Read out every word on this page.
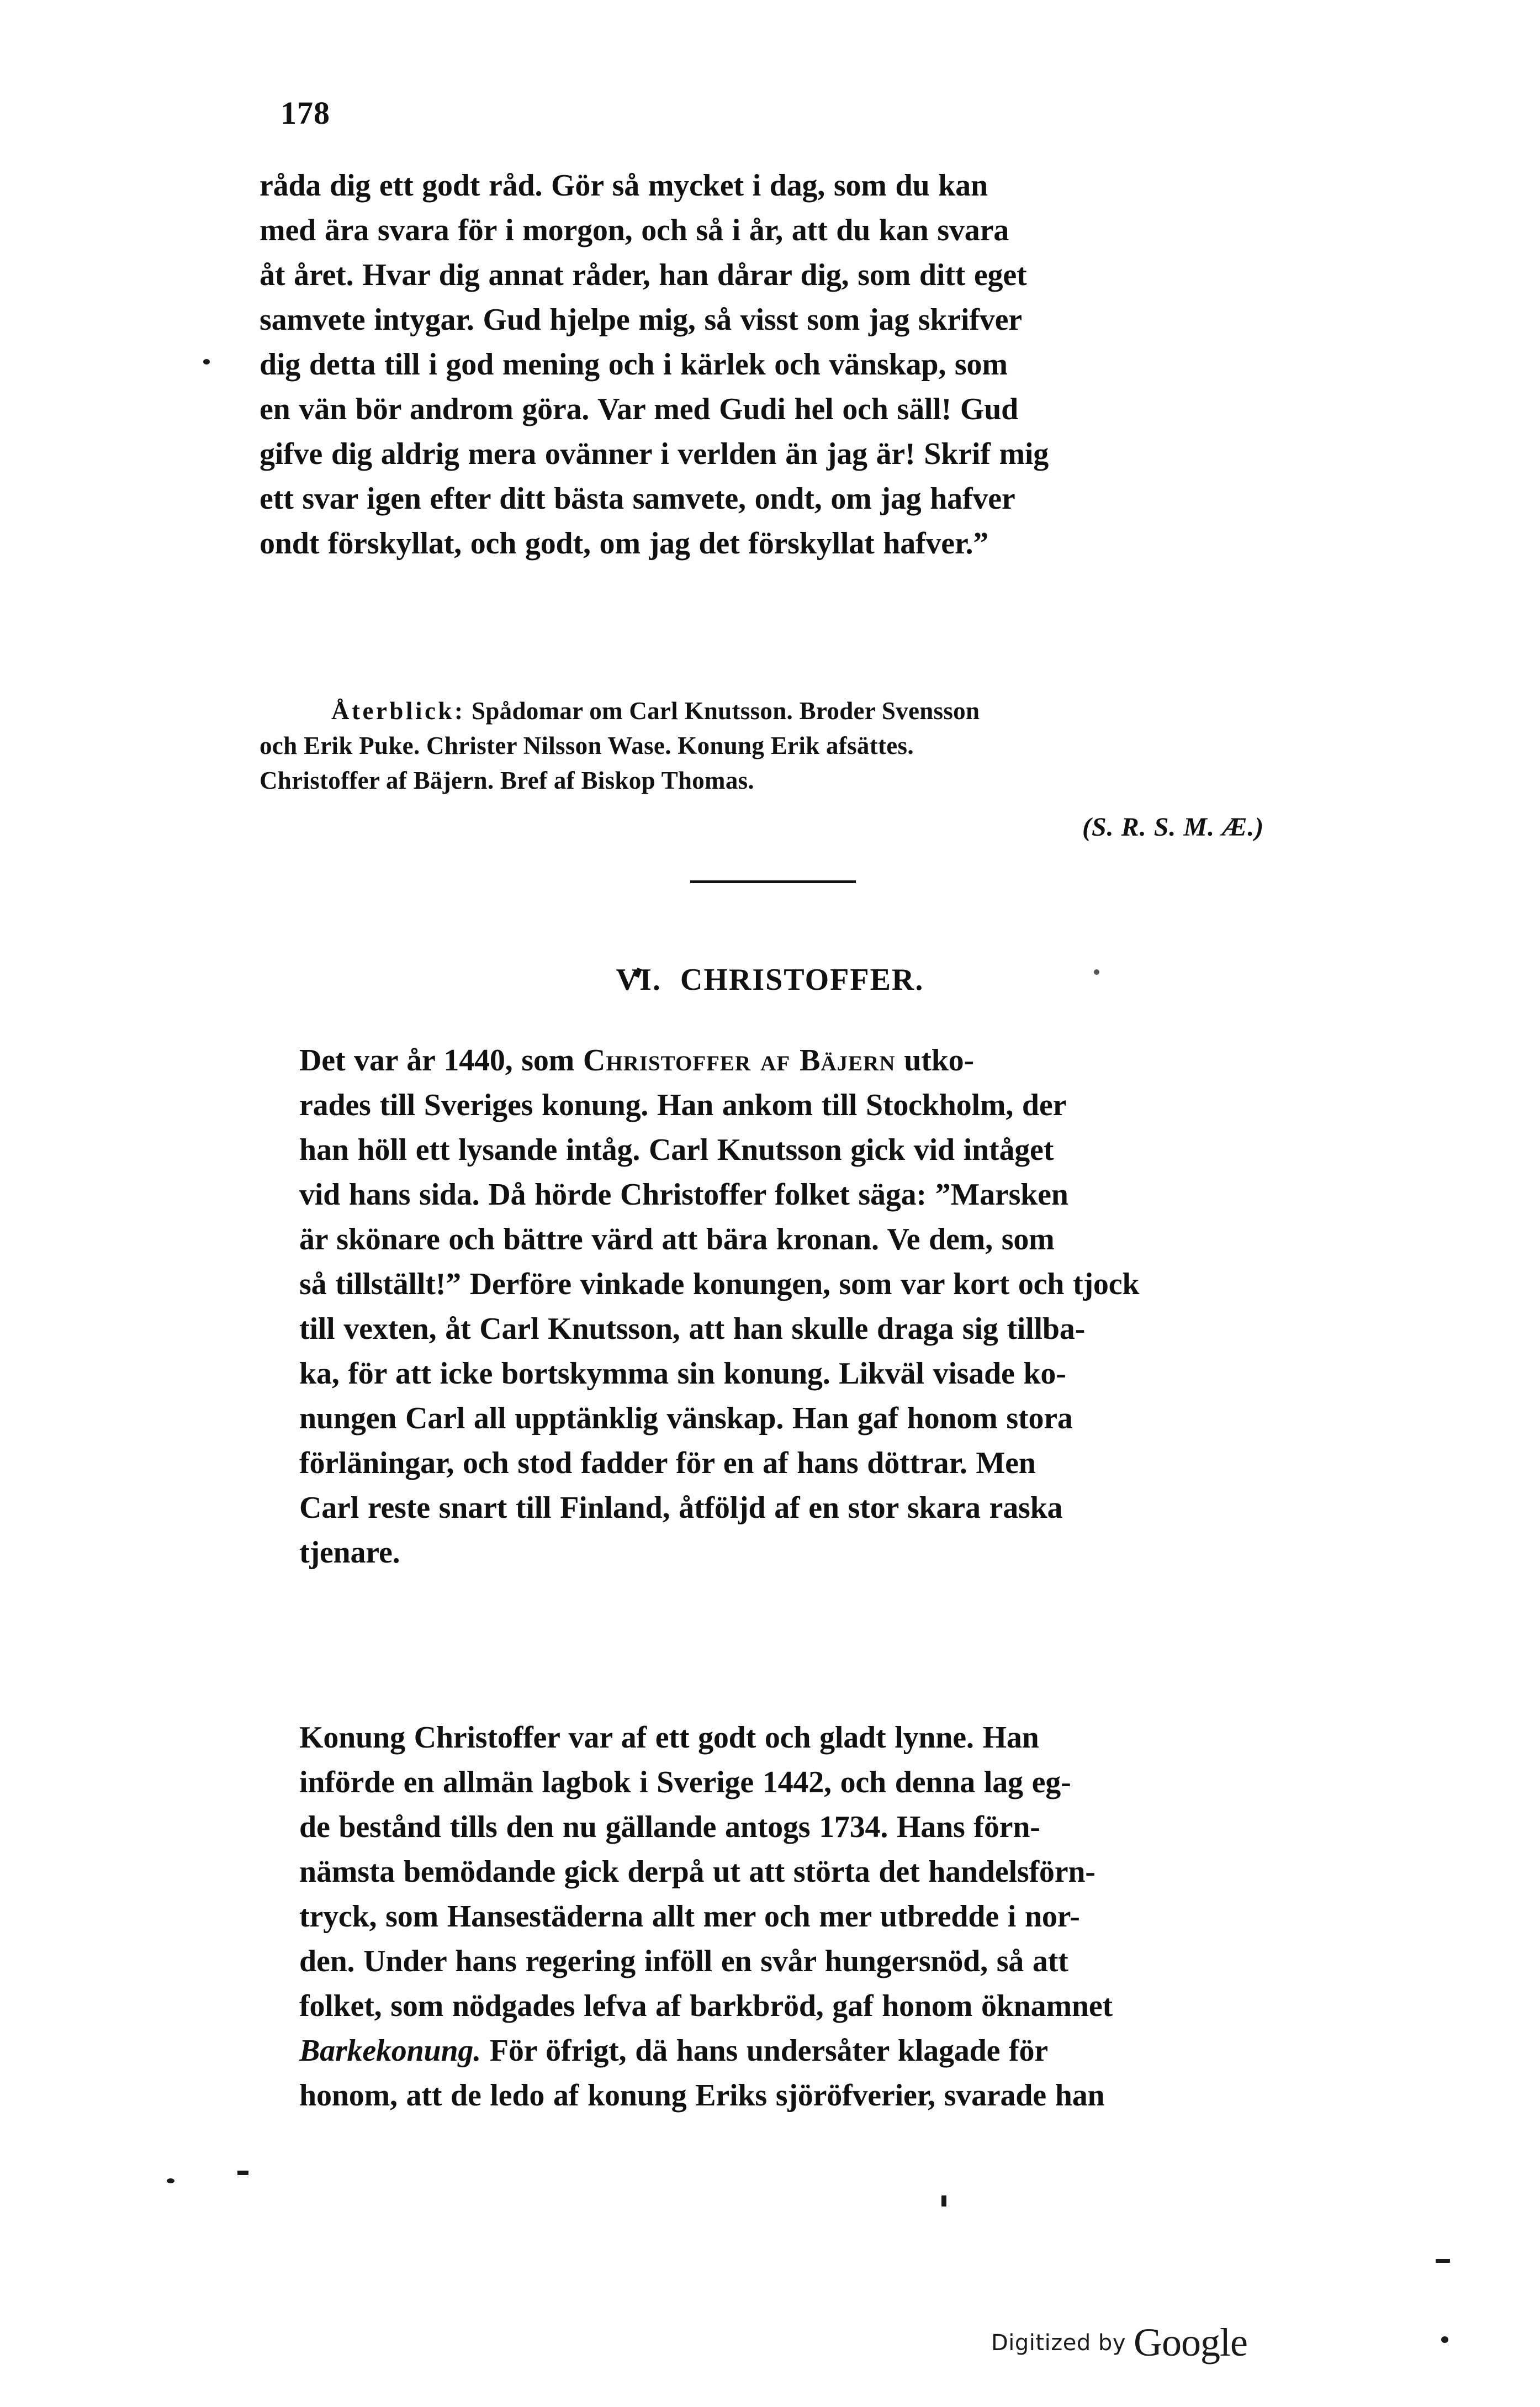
178

råda dig ett godt råd. Gör så mycket i dag, som du kan
med ära svara för i morgon, och så i år, att du kan svara
åt året. Hvar dig annat råder, han dårar dig, som ditt eget
samvete intygar. Gud hjelpe mig, så visst som jag skrifver
dig detta till i god mening och i kärlek och vänskap, som
en vän bör androm göra. Var med Gudi hel och säll! Gud
gifve dig aldrig mera ovänner i verlden än jag är! Skrif mig
ett svar igen efter ditt bästa samvete, ondt, om jag hafver
ondt förskyllat, och godt, om jag det förskyllat hafver.”

Återblick: Spådomar om Carl Knutsson. Broder Svensson
och Erik Puke. Christer Nilsson Wase. Konung Erik afsättes.
Christoffer af Bäjern. Bref af Biskop Thomas.
(S. R. S. M. Æ.)
VI. CHRISTOFFER.

Det var år 1440, som Christoffer af Bäjern utko-
rades till Sveriges konung. Han ankom till Stockholm, der
han höll ett lysande intåg. Carl Knutsson gick vid intåget
vid hans sida. Då hörde Christoffer folket säga: ”Marsken
är skönare och bättre värd att bära kronan. Ve dem, som
så tillställt!” Derföre vinkade konungen, som var kort och tjock
till vexten, åt Carl Knutsson, att han skulle draga sig tillba-
ka, för att icke bortskymma sin konung. Likväl visade ko-
nungen Carl all upptänklig vänskap. Han gaf honom stora
förläningar, och stod fadder för en af hans döttrar. Men
Carl reste snart till Finland, åtföljd af en stor skara raska
tjenare.

Konung Christoffer var af ett godt och gladt lynne. Han
införde en allmän lagbok i Sverige 1442, och denna lag eg-
de bestånd tills den nu gällande antogs 1734. Hans förn-
nämsta bemödande gick derpå ut att störta det handelsförn-
tryck, som Hansestäderna allt mer och mer utbredde i nor-
den. Under hans regering inföll en svår hungersnöd, så att
folket, som nödgades lefva af barkbröd, gaf honom öknamnet
Barkekonung. För öfrigt, dä hans undersåter klagade för
honom, att de ledo af konung Eriks sjöröfverier, svarade han

Digitized by Google
